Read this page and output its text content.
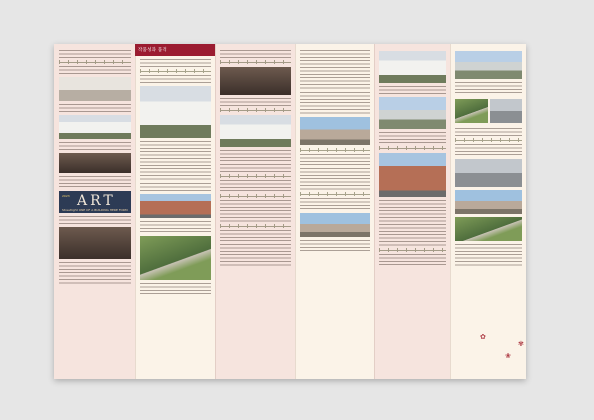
2023 ART
Streetlight ONE OF A BUILDING HERE FORM
작품성과 품격
✿
❀
✾
